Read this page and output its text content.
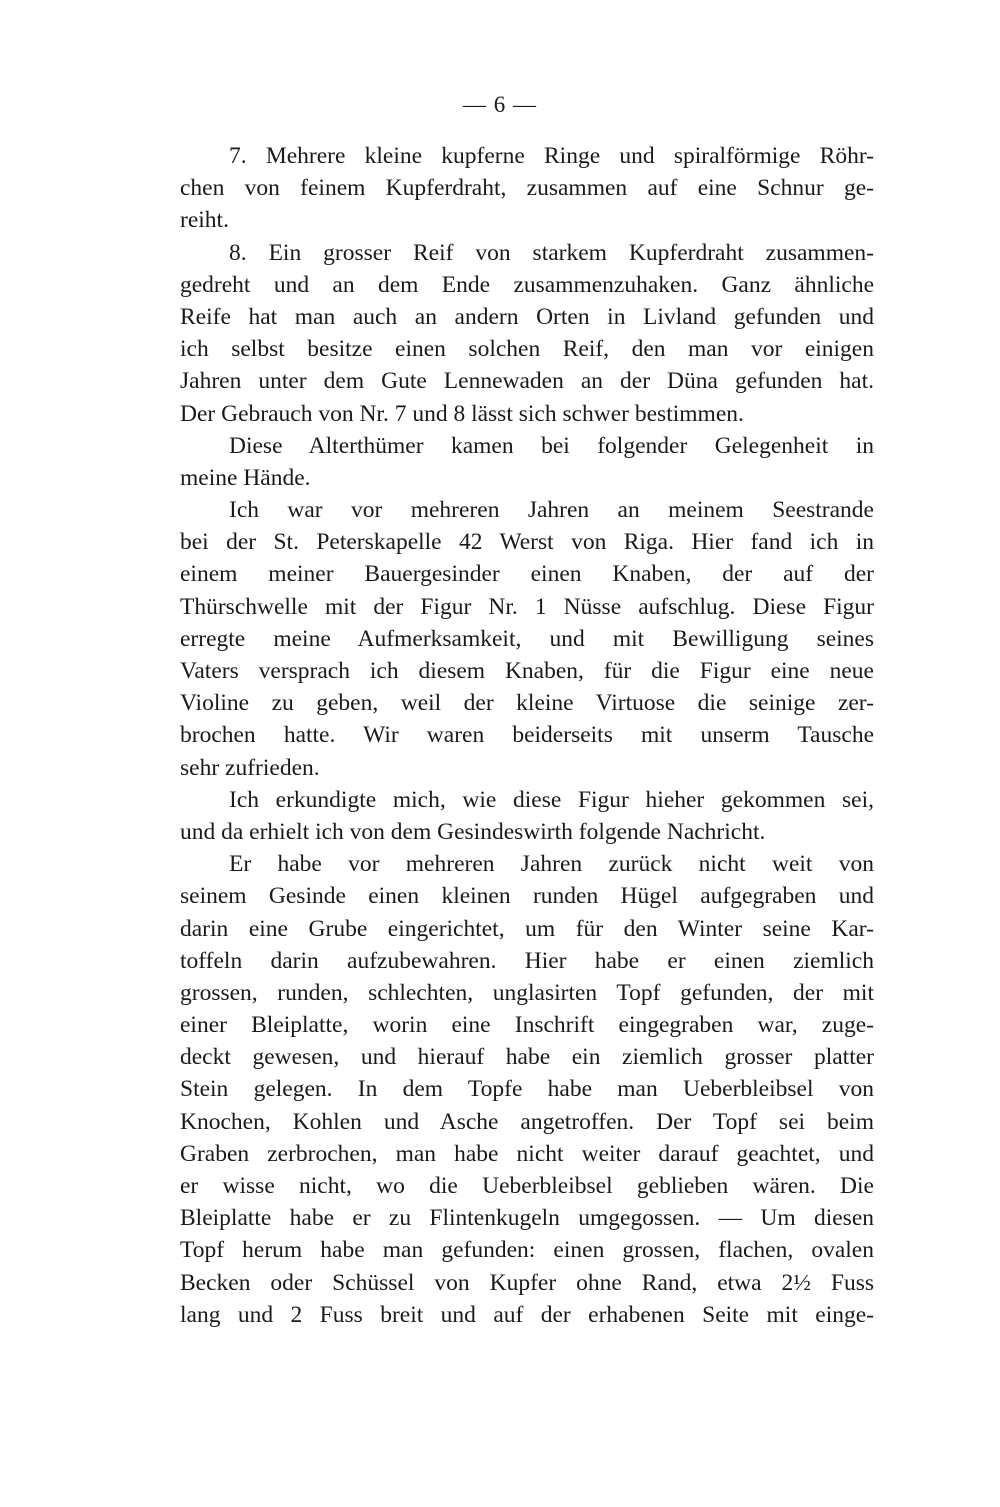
— 6 —
7. Mehrere kleine kupferne Ringe und spiralförmige Röhr-
chen von feinem Kupferdraht, zusammen auf eine Schnur ge-
reiht.
8. Ein grosser Reif von starkem Kupferdraht zusammen-
gedreht und an dem Ende zusammenzuhaken. Ganz ähnliche
Reife hat man auch an andern Orten in Livland gefunden und
ich selbst besitze einen solchen Reif, den man vor einigen
Jahren unter dem Gute Lennewaden an der Düna gefunden hat.
Der Gebrauch von Nr. 7 und 8 lässt sich schwer bestimmen.
Diese Alterthümer kamen bei folgender Gelegenheit in
meine Hände.
Ich war vor mehreren Jahren an meinem Seestrande
bei der St. Peterskapelle 42 Werst von Riga. Hier fand ich in
einem meiner Bauergesinder einen Knaben, der auf der
Thürschwelle mit der Figur Nr. 1 Nüsse aufschlug. Diese Figur
erregte meine Aufmerksamkeit, und mit Bewilligung seines
Vaters versprach ich diesem Knaben, für die Figur eine neue
Violine zu geben, weil der kleine Virtuose die seinige zer-
brochen hatte. Wir waren beiderseits mit unserm Tausche
sehr zufrieden.
Ich erkundigte mich, wie diese Figur hieher gekommen sei,
und da erhielt ich von dem Gesindeswirth folgende Nachricht.
Er habe vor mehreren Jahren zurück nicht weit von
seinem Gesinde einen kleinen runden Hügel aufgegraben und
darin eine Grube eingerichtet, um für den Winter seine Kar-
toffeln darin aufzubewahren. Hier habe er einen ziemlich
grossen, runden, schlechten, unglasirten Topf gefunden, der mit
einer Bleiplatte, worin eine Inschrift eingegraben war, zuge-
deckt gewesen, und hierauf habe ein ziemlich grosser platter
Stein gelegen. In dem Topfe habe man Ueberbleibsel von
Knochen, Kohlen und Asche angetroffen. Der Topf sei beim
Graben zerbrochen, man habe nicht weiter darauf geachtet, und
er wisse nicht, wo die Ueberbleibsel geblieben wären. Die
Bleiplatte habe er zu Flintenkugeln umgegossen. — Um diesen
Topf herum habe man gefunden: einen grossen, flachen, ovalen
Becken oder Schüssel von Kupfer ohne Rand, etwa 2½ Fuss
lang und 2 Fuss breit und auf der erhabenen Seite mit einge-
